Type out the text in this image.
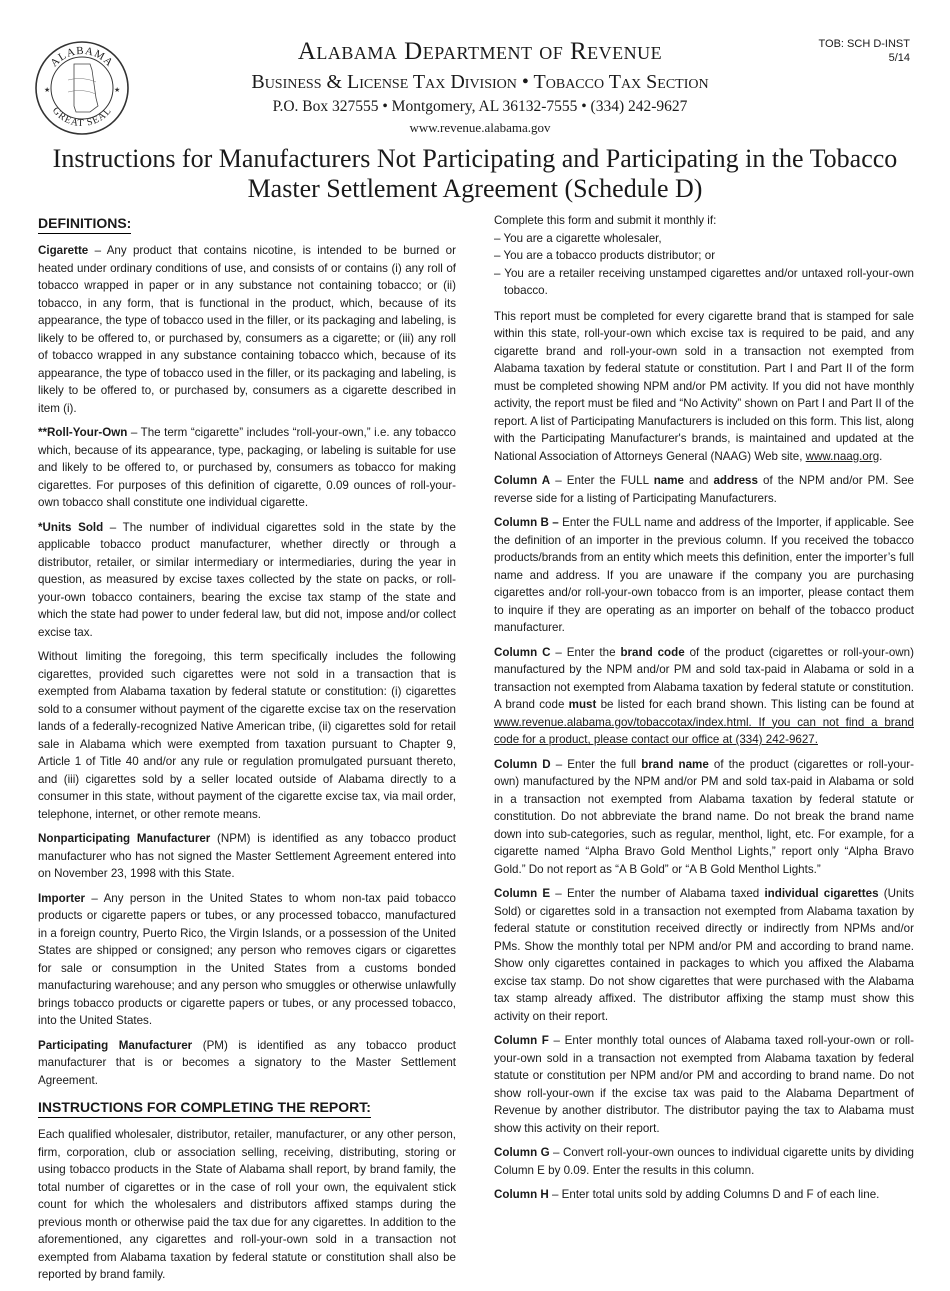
ALABAMA
GREAT SEAL
★	★
TOB: SCH D-INST
5/14
Alabama Department of Revenue
Business & License Tax Division • Tobacco Tax Section
P.O. Box 327555 • Montgomery, AL 36132-7555 • (334) 242-9627
www.revenue.alabama.gov
Instructions for Manufacturers Not Participating and Participating in the Tobacco Master Settlement Agreement (Schedule D)
DEFINITIONS:

Cigarette – Any product that contains nicotine, is intended to be burned or heated under ordinary conditions of use, and consists of or contains (i) any roll of tobacco wrapped in paper or in any substance not containing tobacco; or (ii) tobacco, in any form, that is functional in the product, which, because of its appearance, the type of tobacco used in the filler, or its packaging and labeling, is likely to be offered to, or purchased by, consumers as a cigarette; or (iii) any roll of tobacco wrapped in any substance containing tobacco which, because of its appearance, the type of tobacco used in the filler, or its packaging and labeling, is likely to be offered to, or purchased by, consumers as a cigarette described in item (i).

**Roll-Your-Own – The term “cigarette” includes “roll-your-own,” i.e. any tobacco which, because of its appearance, type, packaging, or labeling is suitable for use and likely to be offered to, or purchased by, consumers as tobacco for making cigarettes. For purposes of this definition of cigarette, 0.09 ounces of roll-your-own tobacco shall constitute one individual cigarette.

*Units Sold – The number of individual cigarettes sold in the state by the applicable tobacco product manufacturer, whether directly or through a distributor, retailer, or similar intermediary or intermediaries, during the year in question, as measured by excise taxes collected by the state on packs, or roll-your-own tobacco containers, bearing the excise tax stamp of the state and which the state had power to under federal law, but did not, impose and/or collect excise tax.

Without limiting the foregoing, this term specifically includes the following cigarettes, provided such cigarettes were not sold in a transaction that is exempted from Alabama taxation by federal statute or constitution: (i) cigarettes sold to a consumer without payment of the cigarette excise tax on the reservation lands of a federally-recognized Native American tribe, (ii) cigarettes sold for retail sale in Alabama which were exempted from taxation pursuant to Chapter 9, Article 1 of Title 40 and/or any rule or regulation promulgated pursuant thereto, and (iii) cigarettes sold by a seller located outside of Alabama directly to a consumer in this state, without payment of the cigarette excise tax, via mail order, telephone, internet, or other remote means.

Nonparticipating Manufacturer (NPM) is identified as any tobacco product manufacturer who has not signed the Master Settlement Agreement entered into on November 23, 1998 with this State.

Importer – Any person in the United States to whom non-tax paid tobacco products or cigarette papers or tubes, or any processed tobacco, manufactured in a foreign country, Puerto Rico, the Virgin Islands, or a possession of the United States are shipped or consigned; any person who removes cigars or cigarettes for sale or consumption in the United States from a customs bonded manufacturing warehouse; and any person who smuggles or otherwise unlawfully brings tobacco products or cigarette papers or tubes, or any processed tobacco, into the United States.

Participating Manufacturer (PM) is identified as any tobacco product manufacturer that is or becomes a signatory to the Master Settlement Agreement.

INSTRUCTIONS FOR COMPLETING THE REPORT:

Each qualified wholesaler, distributor, retailer, manufacturer, or any other person, firm, corporation, club or association selling, receiving, distributing, storing or using tobacco products in the State of Alabama shall report, by brand family, the total number of cigarettes or in the case of roll your own, the equivalent stick count for which the wholesalers and distributors affixed stamps during the previous month or otherwise paid the tax due for any cigarettes. In addition to the aforementioned, any cigarettes and roll-your-own sold in a transaction not exempted from Alabama taxation by federal statute or constitution shall also be reported by brand family.

Complete this form and submit it monthly if:
– You are a cigarette wholesaler,
– You are a tobacco products distributor; or
– You are a retailer receiving unstamped cigarettes and/or untaxed roll-your-own tobacco.

This report must be completed for every cigarette brand that is stamped for sale within this state, roll-your-own which excise tax is required to be paid, and any cigarette brand and roll-your-own sold in a transaction not exempted from Alabama taxation by federal statute or constitution. Part I and Part II of the form must be completed showing NPM and/or PM activity. If you did not have monthly activity, the report must be filed and “No Activity” shown on Part I and Part II of the report. A list of Participating Manufacturers is included on this form. This list, along with the Participating Manufacturer's brands, is maintained and updated at the National Association of Attorneys General (NAAG) Web site, www.naag.org.

Column A – Enter the FULL name and address of the NPM and/or PM. See reverse side for a listing of Participating Manufacturers.

Column B – Enter the FULL name and address of the Importer, if applicable. See the definition of an importer in the previous column. If you received the tobacco products/brands from an entity which meets this definition, enter the importer’s full name and address. If you are unaware if the company you are purchasing cigarettes and/or roll-your-own tobacco from is an importer, please contact them to inquire if they are operating as an importer on behalf of the tobacco product manufacturer.

Column C – Enter the brand code of the product (cigarettes or roll-your-own) manufactured by the NPM and/or PM and sold tax-paid in Alabama or sold in a transaction not exempted from Alabama taxation by federal statute or constitution. A brand code must be listed for each brand shown. This listing can be found at www.revenue.alabama.gov/tobaccotax/index.html. If you can not find a brand code for a product, please contact our office at (334) 242-9627.

Column D – Enter the full brand name of the product (cigarettes or roll-your-own) manufactured by the NPM and/or PM and sold tax-paid in Alabama or sold in a transaction not exempted from Alabama taxation by federal statute or constitution. Do not abbreviate the brand name. Do not break the brand name down into sub-categories, such as regular, menthol, light, etc. For example, for a cigarette named “Alpha Bravo Gold Menthol Lights,” report only “Alpha Bravo Gold.” Do not report as “A B Gold” or “A B Gold Menthol Lights.”

Column E – Enter the number of Alabama taxed individual cigarettes (Units Sold) or cigarettes sold in a transaction not exempted from Alabama taxation by federal statute or constitution received directly or indirectly from NPMs and/or PMs. Show the monthly total per NPM and/or PM and according to brand name. Show only cigarettes contained in packages to which you affixed the Alabama excise tax stamp. Do not show cigarettes that were purchased with the Alabama tax stamp already affixed. The distributor affixing the stamp must show this activity on their report.

Column F – Enter monthly total ounces of Alabama taxed roll-your-own or roll-your-own sold in a transaction not exempted from Alabama taxation by federal statute or constitution per NPM and/or PM and according to brand name. Do not show roll-your-own if the excise tax was paid to the Alabama Department of Revenue by another distributor. The distributor paying the tax to Alabama must show this activity on their report.

Column G – Convert roll-your-own ounces to individual cigarette units by dividing Column E by 0.09. Enter the results in this column.

Column H – Enter total units sold by adding Columns D and F of each line.
